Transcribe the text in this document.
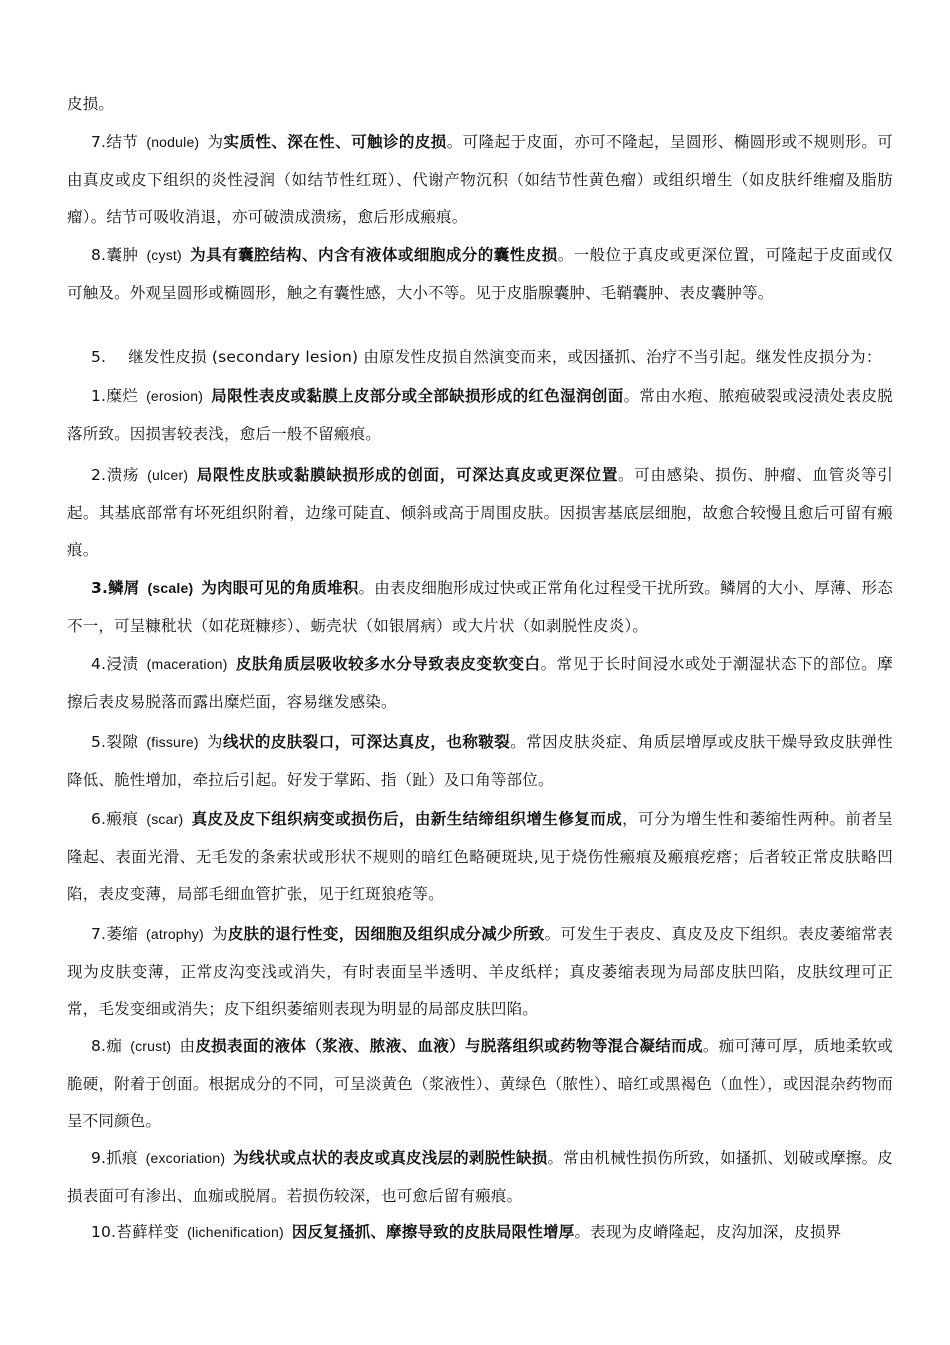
皮损。

7.结节 (nodule) 为实质性、深在性、可触诊的皮损。可隆起于皮面，亦可不隆起，呈圆形、椭圆形或不规则形。可由真皮或皮下组织的炎性浸润（如结节性红斑）、代谢产物沉积（如结节性黄色瘤）或组织增生（如皮肤纤维瘤及脂肪瘤）。结节可吸收消退，亦可破溃成溃疡，愈后形成瘢痕。

8.囊肿 (cyst) 为具有囊腔结构、内含有液体或细胞成分的囊性皮损。一般位于真皮或更深位置，可隆起于皮面或仅可触及。外观呈圆形或椭圆形，触之有囊性感，大小不等。见于皮脂腺囊肿、毛鞘囊肿、表皮囊肿等。

5. 继发性皮损 (secondary lesion) 由原发性皮损自然演变而来，或因搔抓、治疗不当引起。继发性皮损分为：

1.糜烂 (erosion) 局限性表皮或黏膜上皮部分或全部缺损形成的红色湿润创面。常由水疱、脓疱破裂或浸渍处表皮脱落所致。因损害较表浅，愈后一般不留瘢痕。

2.溃疡 (ulcer) 局限性皮肤或黏膜缺损形成的创面，可深达真皮或更深位置。可由感染、损伤、肿瘤、血管炎等引起。其基底部常有坏死组织附着，边缘可陡直、倾斜或高于周围皮肤。因损害基底层细胞，故愈合较慢且愈后可留有瘢痕。

3.鳞屑 (scale) 为肉眼可见的角质堆积。由表皮细胞形成过快或正常角化过程受干扰所致。鳞屑的大小、厚薄、形态不一，可呈糠秕状（如花斑糠疹）、蛎壳状（如银屑病）或大片状（如剥脱性皮炎）。

4.浸渍 (maceration) 皮肤角质层吸收较多水分导致表皮变软变白。常见于长时间浸水或处于潮湿状态下的部位。摩擦后表皮易脱落而露出糜烂面，容易继发感染。

5.裂隙 (fissure) 为线状的皮肤裂口，可深达真皮，也称皲裂。常因皮肤炎症、角质层增厚或皮肤干燥导致皮肤弹性降低、脆性增加，牵拉后引起。好发于掌跖、指（趾）及口角等部位。

6.瘢痕 (scar) 真皮及皮下组织病变或损伤后，由新生结缔组织增生修复而成，可分为增生性和萎缩性两种。前者呈隆起、表面光滑、无毛发的条索状或形状不规则的暗红色略硬斑块,见于烧伤性瘢痕及瘢痕疙瘩；后者较正常皮肤略凹陷，表皮变薄，局部毛细血管扩张，见于红斑狼疮等。

7.萎缩 (atrophy) 为皮肤的退行性变，因细胞及组织成分减少所致。可发生于表皮、真皮及皮下组织。表皮萎缩常表现为皮肤变薄，正常皮沟变浅或消失，有时表面呈半透明、羊皮纸样；真皮萎缩表现为局部皮肤凹陷，皮肤纹理可正常，毛发变细或消失；皮下组织萎缩则表现为明显的局部皮肤凹陷。

8.痂 (crust) 由皮损表面的液体（浆液、脓液、血液）与脱落组织或药物等混合凝结而成。痂可薄可厚，质地柔软或脆硬，附着于创面。根据成分的不同，可呈淡黄色（浆液性）、黄绿色（脓性）、暗红或黑褐色（血性），或因混杂药物而呈不同颜色。

9.抓痕 (excoriation) 为线状或点状的表皮或真皮浅层的剥脱性缺损。常由机械性损伤所致，如搔抓、划破或摩擦。皮损表面可有渗出、血痂或脱屑。若损伤较深，也可愈后留有瘢痕。

10.苔藓样变 (lichenification) 因反复搔抓、摩擦导致的皮肤局限性增厚。表现为皮嵴隆起，皮沟加深，皮损界
